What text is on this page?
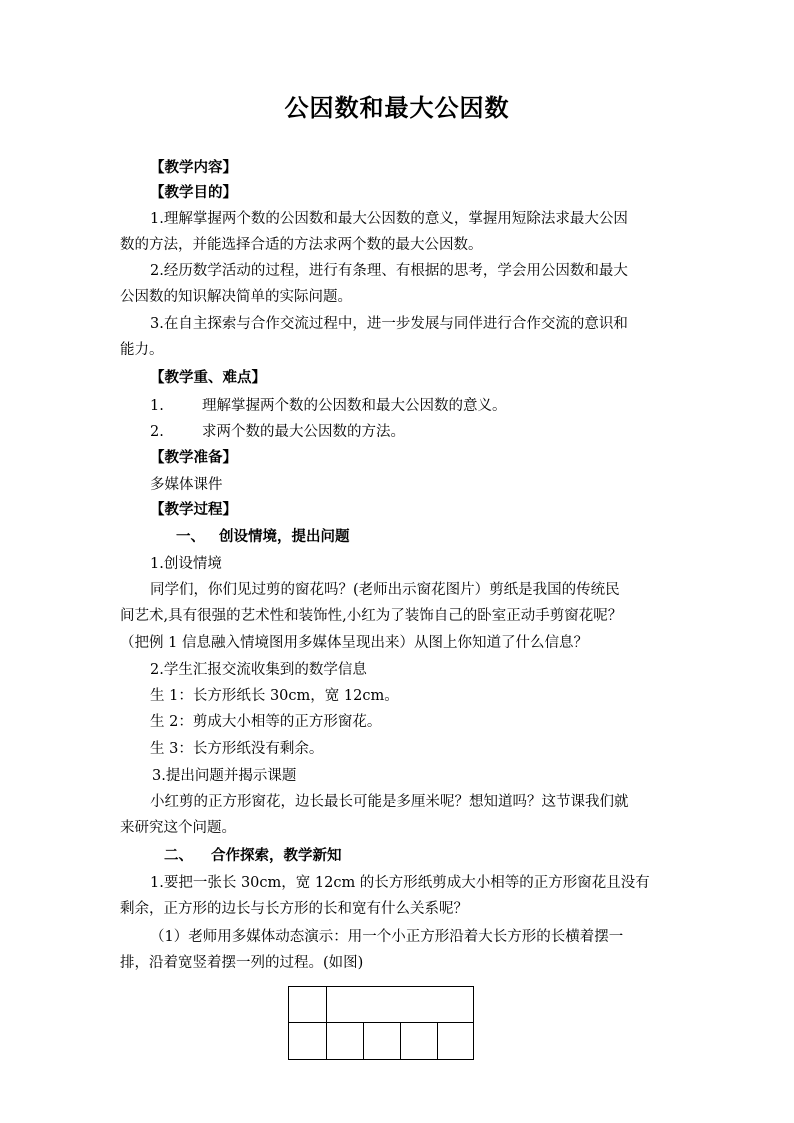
公因数和最大公因数
【教学内容】
【教学目的】
1.理解掌握两个数的公因数和最大公因数的意义，掌握用短除法求最大公因
数的方法，并能选择合适的方法求两个数的最大公因数。
2.经历数学活动的过程，进行有条理、有根据的思考，学会用公因数和最大
公因数的知识解决简单的实际问题。
3.在自主探索与合作交流过程中，进一步发展与同伴进行合作交流的意识和
能力。
【教学重、难点】
1.	理解掌握两个数的公因数和最大公因数的意义。
2.	求两个数的最大公因数的方法。
【教学准备】
多媒体课件
【教学过程】
一、 创设情境，提出问题
1.创设情境
同学们，你们见过剪的窗花吗？(老师出示窗花图片）剪纸是我国的传统民
间艺术,具有很强的艺术性和装饰性,小红为了装饰自己的卧室正动手剪窗花呢？
（把例 1 信息融入情境图用多媒体呈现出来）从图上你知道了什么信息？
2.学生汇报交流收集到的数学信息
生 1：长方形纸长 30cm，宽 12cm。
生 2：剪成大小相等的正方形窗花。
生 3：长方形纸没有剩余。
3.提出问题并揭示课题
小红剪的正方形窗花，边长最长可能是多厘米呢？想知道吗？这节课我们就
来研究这个问题。
二、 合作探索，教学新知
1.要把一张长 30cm，宽 12cm 的长方形纸剪成大小相等的正方形窗花且没有
剩余，正方形的边长与长方形的长和宽有什么关系呢？
（1）老师用多媒体动态演示：用一个小正方形沿着大长方形的长横着摆一
排，沿着宽竖着摆一列的过程。(如图)
